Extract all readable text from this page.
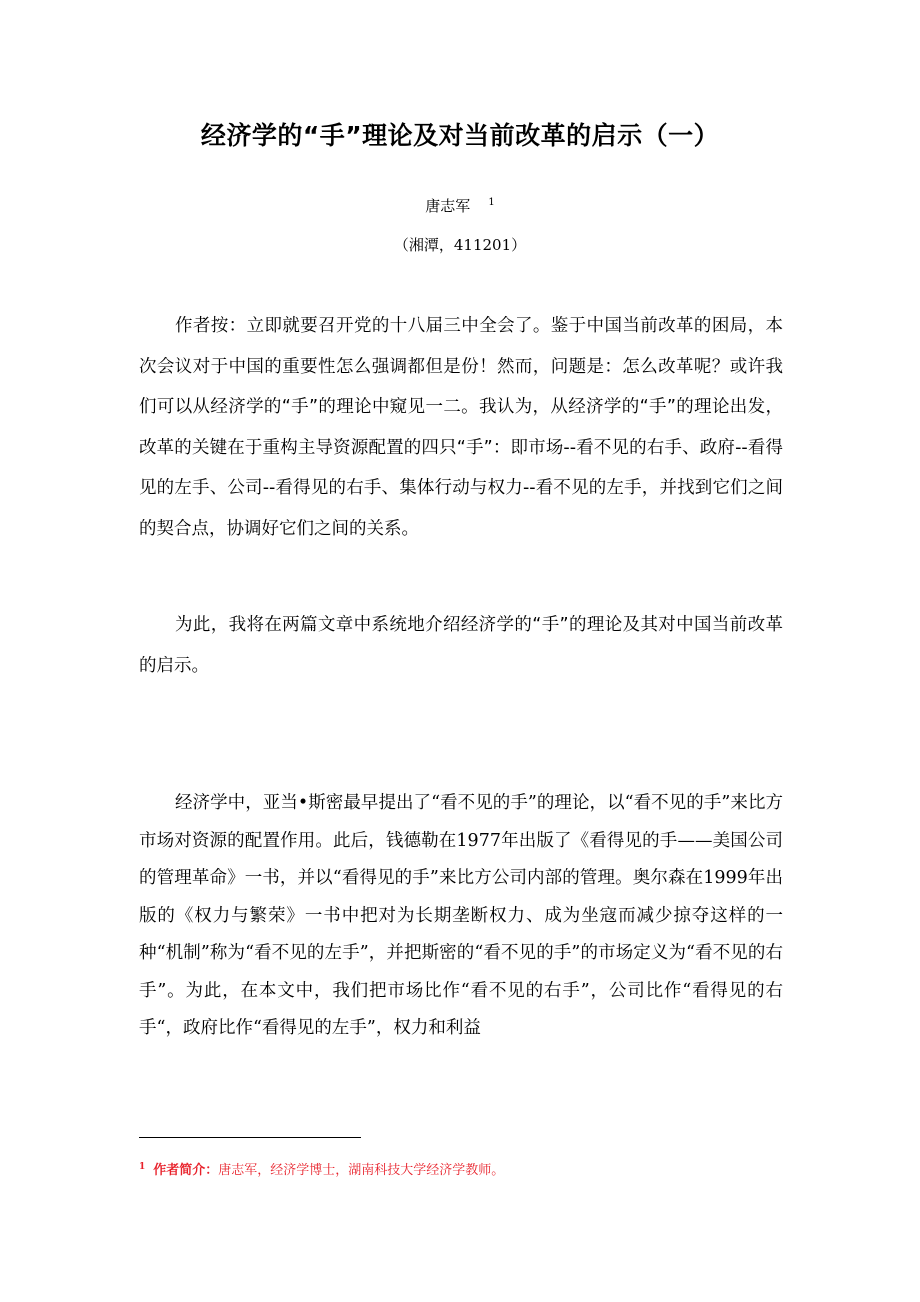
经济学的“手”理论及对当前改革的启示（一）
唐志军 $^1$
（湘潭，411201）

作者按：立即就要召开党的十八届三中全会了。鉴于中国当前改革的困局，本次会议对于中国的重要性怎么强调都但是份！然而，问题是：怎么改革呢？或许我们可以从经济学的“手”的理论中窥见一二。我认为，从经济学的“手”的理论出发，改革的关键在于重构主导资源配置的四只“手”：即市场--看不见的右手、政府--看得见的左手、公司--看得见的右手、集体行动与权力--看不见的左手，并找到它们之间的契合点，协调好它们之间的关系。

为此，我将在两篇文章中系统地介绍经济学的“手”的理论及其对中国当前改革的启示。

经济学中，亚当•斯密最早提出了“看不见的手”的理论，以“看不见的手”来比方市场对资源的配置作用。此后，钱德勒在1977年出版了《看得见的手——美国公司的管理革命》一书，并以“看得见的手”来比方公司内部的管理。奥尔森在1999年出版的《权力与繁荣》一书中把对为长期垄断权力、成为坐寇而减少掠夺这样的一种“机制”称为“看不见的左手”，并把斯密的“看不见的手”的市场定义为“看不见的右手”。为此，在本文中，我们把市场比作“看不见的右手”，公司比作“看得见的右手“，政府比作“看得见的左手”，权力和利益

$^1$ 作者简介：唐志军，经济学博士，湖南科技大学经济学教师。
